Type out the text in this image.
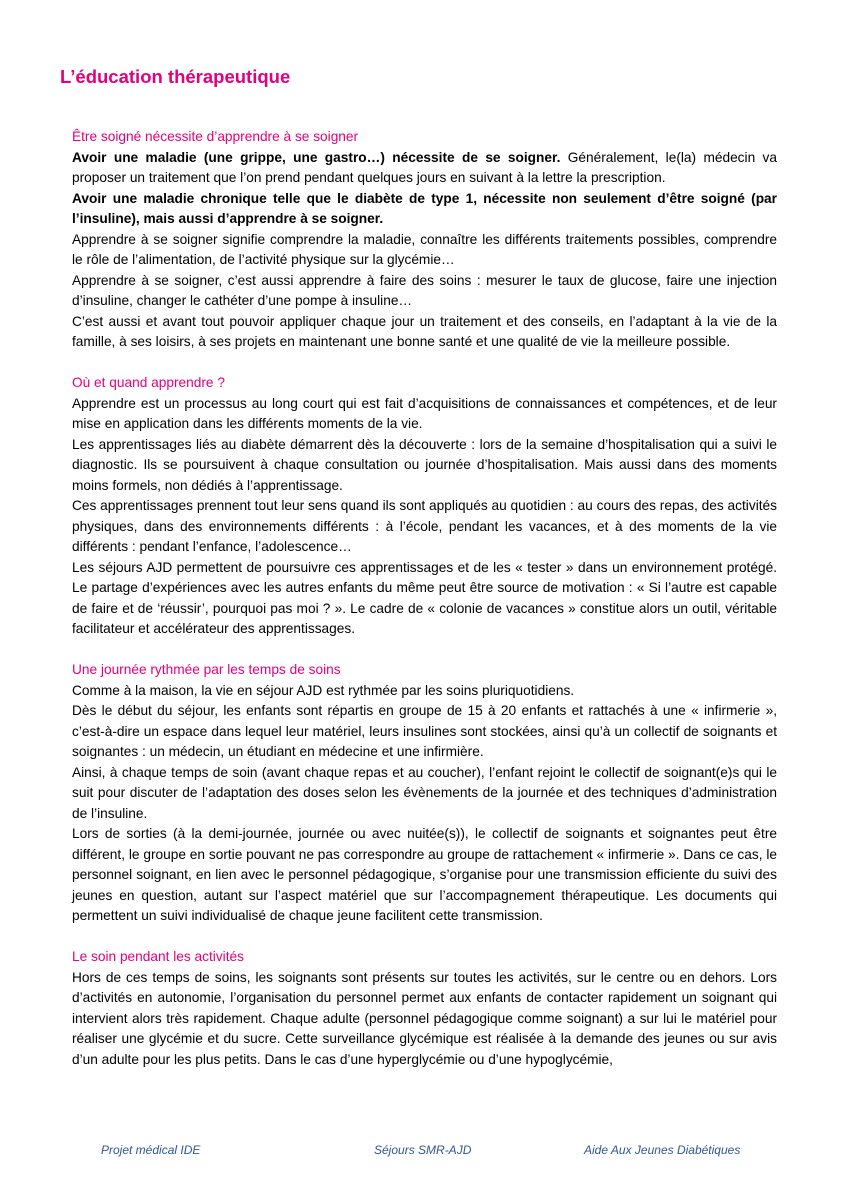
L’éducation thérapeutique

Être soigné nécessite d’apprendre à se soigner

Avoir une maladie (une grippe, une gastro…) nécessite de se soigner. Généralement, le(la) médecin va proposer un traitement que l’on prend pendant quelques jours en suivant à la lettre la prescription.

Avoir une maladie chronique telle que le diabète de type 1, nécessite non seulement d’être soigné (par l’insuline), mais aussi d’apprendre à se soigner.

Apprendre à se soigner signifie comprendre la maladie, connaître les différents traitements possibles, comprendre le rôle de l’alimentation, de l’activité physique sur la glycémie…

Apprendre à se soigner, c’est aussi apprendre à faire des soins : mesurer le taux de glucose, faire une injection d’insuline, changer le cathéter d’une pompe à insuline…

C’est aussi et avant tout pouvoir appliquer chaque jour un traitement et des conseils, en l’adaptant à la vie de la famille, à ses loisirs, à ses projets en maintenant une bonne santé et une qualité de vie la meilleure possible.

Où et quand apprendre ?

Apprendre est un processus au long court qui est fait d’acquisitions de connaissances et compétences, et de leur mise en application dans les différents moments de la vie.

Les apprentissages liés au diabète démarrent dès la découverte : lors de la semaine d’hospitalisation qui a suivi le diagnostic. Ils se poursuivent à chaque consultation ou journée d’hospitalisation. Mais aussi dans des moments moins formels, non dédiés à l’apprentissage.

Ces apprentissages prennent tout leur sens quand ils sont appliqués au quotidien : au cours des repas, des activités physiques, dans des environnements différents : à l’école, pendant les vacances, et à des moments de la vie différents : pendant l’enfance, l’adolescence…

Les séjours AJD permettent de poursuivre ces apprentissages et de les « tester » dans un environnement protégé. Le partage d’expériences avec les autres enfants du même peut être source de motivation : « Si l’autre est capable de faire et de ‘réussir’, pourquoi pas moi ? ». Le cadre de « colonie de vacances » constitue alors un outil, véritable facilitateur et accélérateur des apprentissages.

Une journée rythmée par les temps de soins

Comme à la maison, la vie en séjour AJD est rythmée par les soins pluriquotidiens.

Dès le début du séjour, les enfants sont répartis en groupe de 15 à 20 enfants et rattachés à une « infirmerie », c’est-à-dire un espace dans lequel leur matériel, leurs insulines sont stockées, ainsi qu’à un collectif de soignants et soignantes : un médecin, un étudiant en médecine et une infirmière.

Ainsi, à chaque temps de soin (avant chaque repas et au coucher), l’enfant rejoint le collectif de soignant(e)s qui le suit pour discuter de l’adaptation des doses selon les évènements de la journée et des techniques d’administration de l’insuline.

Lors de sorties (à la demi-journée, journée ou avec nuitée(s)), le collectif de soignants et soignantes peut être différent, le groupe en sortie pouvant ne pas correspondre au groupe de rattachement « infirmerie ». Dans ce cas, le personnel soignant, en lien avec le personnel pédagogique, s’organise pour une transmission efficiente du suivi des jeunes en question, autant sur l’aspect matériel que sur l’accompagnement thérapeutique. Les documents qui permettent un suivi individualisé de chaque jeune facilitent cette transmission.

Le soin pendant les activités

Hors de ces temps de soins, les soignants sont présents sur toutes les activités, sur le centre ou en dehors. Lors d’activités en autonomie, l’organisation du personnel permet aux enfants de contacter rapidement un soignant qui intervient alors très rapidement. Chaque adulte (personnel pédagogique comme soignant) a sur lui le matériel pour réaliser une glycémie et du sucre. Cette surveillance glycémique est réalisée à la demande des jeunes ou sur avis d’un adulte pour les plus petits. Dans le cas d’une hyperglycémie ou d’une hypoglycémie,

Projet médical IDE	Séjours SMR-AJD	Aide Aux Jeunes Diabétiques
